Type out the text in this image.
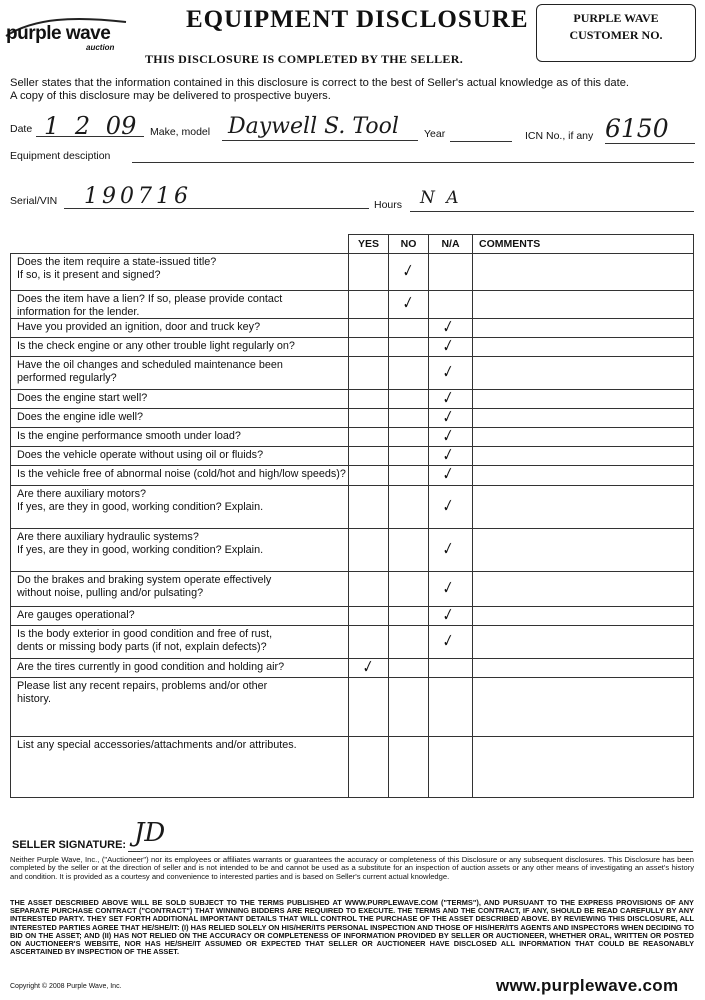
purple wave
auction
EQUIPMENT DISCLOSURE
THIS DISCLOSURE IS COMPLETED BY THE SELLER.
PURPLE WAVE
CUSTOMER NO.
Seller states that the information contained in this disclosure is correct to the best of Seller's actual knowledge as of this date.
A copy of this disclosure may be delivered to prospective buyers.
Date 1 2 09 Make, model Daywell S. Tool Year	ICN No., if any 6150
Equipment desciption
Serial/VIN 190716	Hours N A
	YES	NO	N/A	COMMENTS

Does the item require a state-issued title?
If so, is it present and signed?		✓		

Does the item have a lien? If so, please provide contact
information for the lender.		✓		

Have you provided an ignition, door and truck key?			✓	

Is the check engine or any other trouble light regularly on?			✓	

Have the oil changes and scheduled maintenance been
performed regularly?			✓	

Does the engine start well?			✓	

Does the engine idle well?			✓	

Is the engine performance smooth under load?			✓	

Does the vehicle operate without using oil or fluids?			✓	

Is the vehicle free of abnormal noise (cold/hot and high/low speeds)?			✓	

Are there auxiliary motors?
If yes, are they in good, working condition? Explain.			✓	

Are there auxiliary hydraulic systems?
If yes, are they in good, working condition? Explain.			✓	

Do the brakes and braking system operate effectively
without noise, pulling and/or pulsating?			✓	

Are gauges operational?			✓	

Is the body exterior in good condition and free of rust,
dents or missing body parts (if not, explain defects)?			✓	

Are the tires currently in good condition and holding air?	✓			

Please list any recent repairs, problems and/or other
history.				

List any special accessories/attachments and/or attributes.				

SELLER SIGNATURE: JD
Neither Purple Wave, Inc., ("Auctioneer") nor its employees or affiliates warrants or guarantees the accuracy or completeness of this Disclosure or any subsequent disclosures. This Disclosure has been completed by the seller or at the direction of seller and is not intended to be and cannot be used as a substitute for an inspection of auction assets or any other means of investigating an asset's history and condition. It is provided as a courtesy and convenience to interested parties and is based on Seller's current actual knowledge.
THE ASSET DESCRIBED ABOVE WILL BE SOLD SUBJECT TO THE TERMS PUBLISHED AT WWW.PURPLEWAVE.COM ("TERMS"), AND PURSUANT TO THE EXPRESS PROVISIONS OF ANY SEPARATE PURCHASE CONTRACT ("CONTRACT") THAT WINNING BIDDERS ARE REQUIRED TO EXECUTE. THE TERMS AND THE CONTRACT, IF ANY, SHOULD BE READ CAREFULLY BY ANY INTERESTED PARTY. THEY SET FORTH ADDITIONAL IMPORTANT DETAILS THAT WILL CONTROL THE PURCHASE OF THE ASSET DESCRIBED ABOVE. BY REVIEWING THIS DISCLOSURE, ALL INTERESTED PARTIES AGREE THAT HE/SHE/IT: (I) HAS RELIED SOLELY ON HIS/HER/ITS PERSONAL INSPECTION AND THOSE OF HIS/HER/ITS AGENTS AND INSPECTORS WHEN DECIDING TO BID ON THE ASSET; AND (II) HAS NOT RELIED ON THE ACCURACY OR COMPLETENESS OF INFORMATION PROVIDED BY SELLER OR AUCTIONEER, WHETHER ORAL, WRITTEN OR POSTED ON AUCTIONEER'S WEBSITE, NOR HAS HE/SHE/IT ASSUMED OR EXPECTED THAT SELLER OR AUCTIONEER HAVE DISCLOSED ALL INFORMATION THAT COULD BE REASONABLY ASCERTAINED BY INSPECTION OF THE ASSET.
Copyright © 2008 Purple Wave, Inc.	www.purplewave.com
